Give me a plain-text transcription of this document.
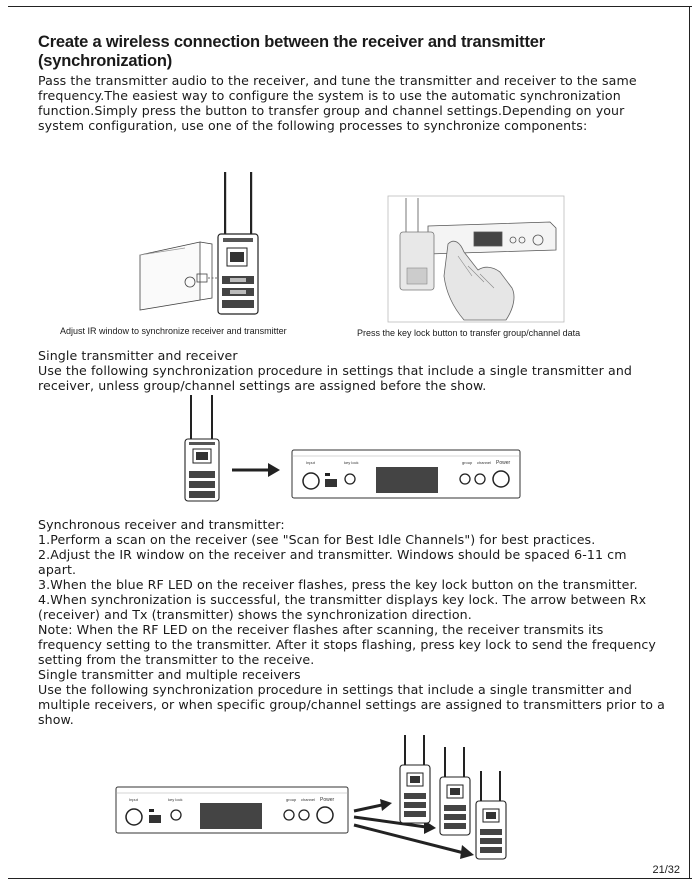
Create a wireless connection between the receiver and transmitter (synchronization)

Pass the transmitter audio to the receiver, and tune the transmitter and receiver to the same
frequency.The easiest way to configure the system is to use the automatic synchronization
function.Simply press the button to transfer group and channel settings.Depending on your
system configuration, use one of the following processes to synchronize components:

Adjust IR window to synchronize receiver and transmitter	Press the key lock button to transfer group/channel data

Single transmitter and receiver
Use the following synchronization procedure in settings that include a single transmitter and
receiver, unless group/channel settings are assigned before the show.

Input	key lock	group channel Power

Synchronous receiver and transmitter:
1.Perform a scan on the receiver (see "Scan for Best Idle Channels") for best practices.
2.Adjust the IR window on the receiver and transmitter. Windows should be spaced 6-11 cm
apart.
3.When the blue RF LED on the receiver flashes, press the key lock button on the transmitter.
4.When synchronization is successful, the transmitter displays key lock. The arrow between Rx
(receiver) and Tx (transmitter) shows the synchronization direction.
Note: When the RF LED on the receiver flashes after scanning, the receiver transmits its
frequency setting to the transmitter. After it stops flashing, press key lock to send the frequency
setting from the transmitter to the receive.
Single transmitter and multiple receivers
Use the following synchronization procedure in settings that include a single transmitter and
multiple receivers, or when specific group/channel settings are assigned to transmitters prior to a
show.

Input	key lock	group channel Power
21/32
